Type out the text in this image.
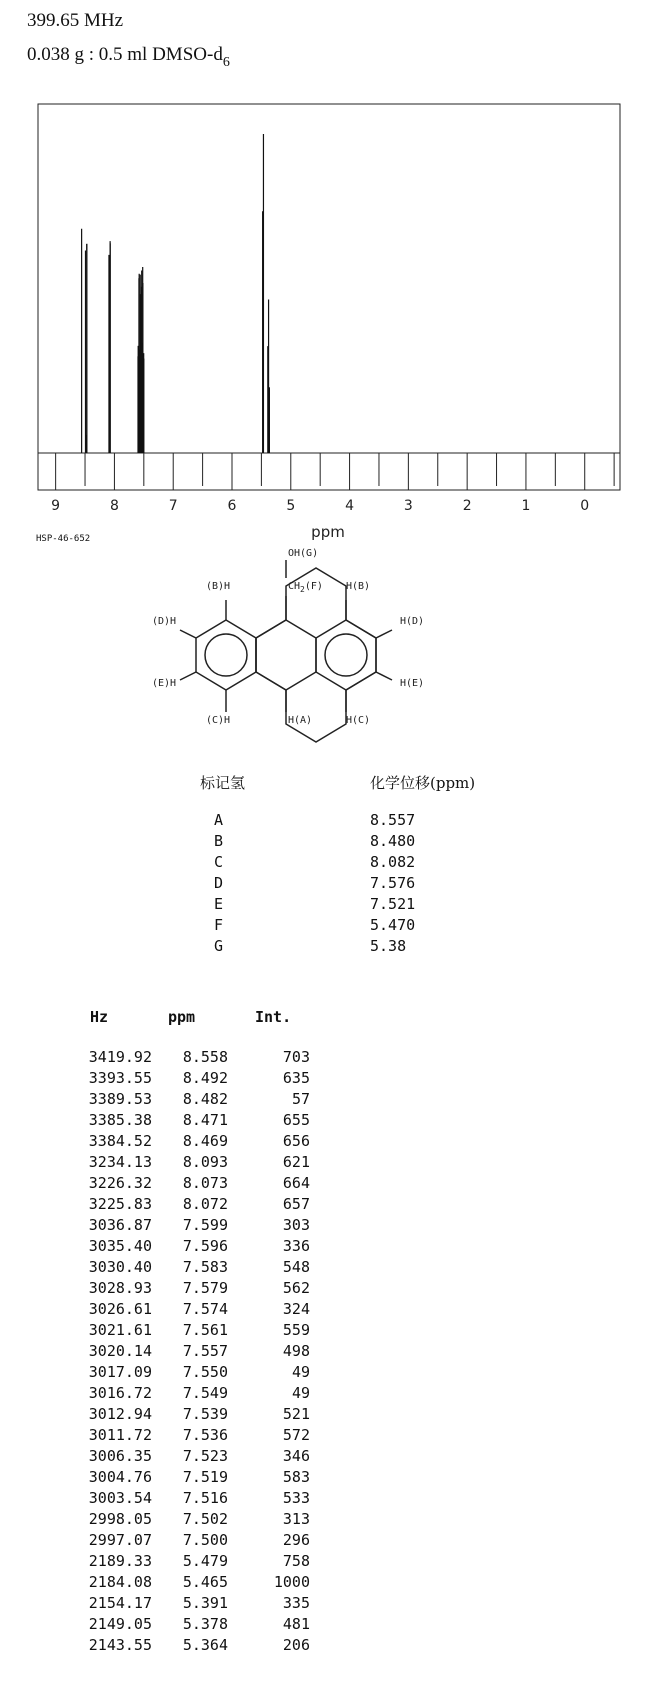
399.65 MHz
0.038 g : 0.5 ml DMSO-$d_6$
9	8	7	6	5	4	3	2	1	0
ppm
HSP-46-652
OH(G)
$CH_2(F)$
(B)H	H(B)
(D)H	H(D)
(E)H	H(E)
(C)H	H(C)
H(A)
标记氢	化学位移(ppm)
A	8.557
B	8.480
C	8.082
D	7.576
E	7.521
F	5.470
G	5.38
Hz	ppm	Int.
3419.92	8.558	703
3393.55	8.492	635
3389.53	8.482	57
3385.38	8.471	655
3384.52	8.469	656
3234.13	8.093	621
3226.32	8.073	664
3225.83	8.072	657
3036.87	7.599	303
3035.40	7.596	336
3030.40	7.583	548
3028.93	7.579	562
3026.61	7.574	324
3021.61	7.561	559
3020.14	7.557	498
3017.09	7.550	49
3016.72	7.549	49
3012.94	7.539	521
3011.72	7.536	572
3006.35	7.523	346
3004.76	7.519	583
3003.54	7.516	533
2998.05	7.502	313
2997.07	7.500	296
2189.33	5.479	758
2184.08	5.465	1000
2154.17	5.391	335
2149.05	5.378	481
2143.55	5.364	206
